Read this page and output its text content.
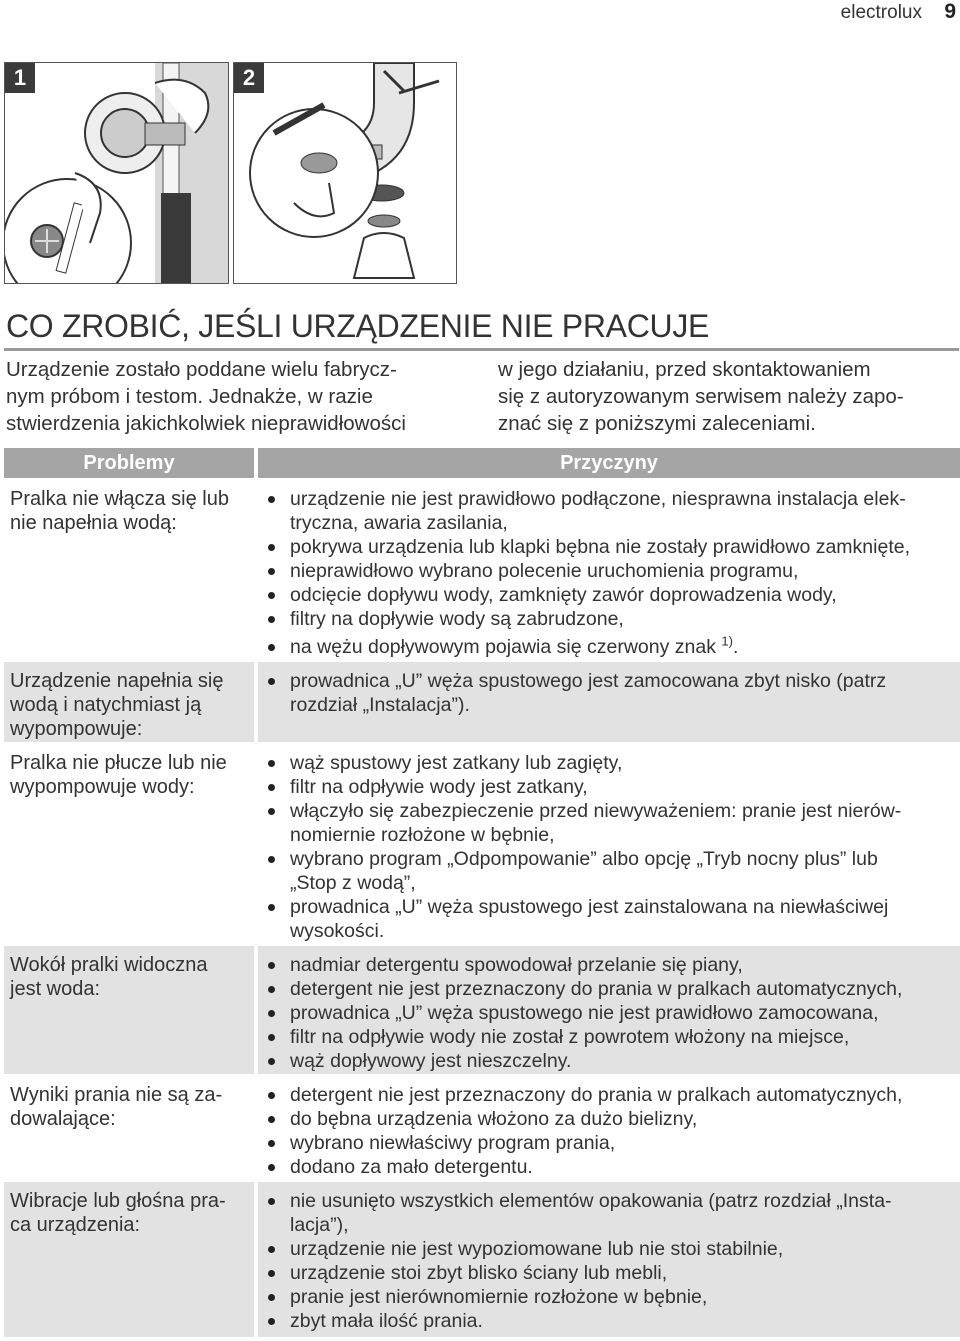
electrolux 9
1	2
CO ZROBIĆ, JEŚLI URZĄDZENIE NIE PRACUJE
Urządzenie zostało poddane wielu fabrycz-
nym próbom i testom. Jednakże, w razie
stwierdzenia jakichkolwiek nieprawidłowości
w jego działaniu, przed skontaktowaniem
się z autoryzowanym serwisem należy zapo-
znać się z poniższymi zaleceniami.
Problemy	Przyczyny
Pralka nie włącza się lub
nie napełnia wodą:
urządzenie nie jest prawidłowo podłączone, niesprawna instalacja elek-
tryczna, awaria zasilania,
pokrywa urządzenia lub klapki bębna nie zostały prawidłowo zamknięte,
nieprawidłowo wybrano polecenie uruchomienia programu,
odcięcie dopływu wody, zamknięty zawór doprowadzenia wody,
filtry na dopływie wody są zabrudzone,
na wężu dopływowym pojawia się czerwony znak $^{1)}$.
Urządzenie napełnia się
wodą i natychmiast ją
wypompowuje:
prowadnica „U” węża spustowego jest zamocowana zbyt nisko (patrz
rozdział „Instalacja”).
Pralka nie płucze lub nie
wypompowuje wody:
wąż spustowy jest zatkany lub zagięty,
filtr na odpływie wody jest zatkany,
włączyło się zabezpieczenie przed niewyważeniem: pranie jest nierów-
nomiernie rozłożone w bębnie,
wybrano program „Odpompowanie” albo opcję „Tryb nocny plus” lub
„Stop z wodą”,
prowadnica „U” węża spustowego jest zainstalowana na niewłaściwej
wysokości.
Wokół pralki widoczna
jest woda:
nadmiar detergentu spowodował przelanie się piany,
detergent nie jest przeznaczony do prania w pralkach automatycznych,
prowadnica „U” węża spustowego nie jest prawidłowo zamocowana,
filtr na odpływie wody nie został z powrotem włożony na miejsce,
wąż dopływowy jest nieszczelny.
Wyniki prania nie są za-
dowalające:
detergent nie jest przeznaczony do prania w pralkach automatycznych,
do bębna urządzenia włożono za dużo bielizny,
wybrano niewłaściwy program prania,
dodano za mało detergentu.
Wibracje lub głośna pra-
ca urządzenia:
nie usunięto wszystkich elementów opakowania (patrz rozdział „Insta-
lacja”),
urządzenie nie jest wypoziomowane lub nie stoi stabilnie,
urządzenie stoi zbyt blisko ściany lub mebli,
pranie jest nierównomiernie rozłożone w bębnie,
zbyt mała ilość prania.
